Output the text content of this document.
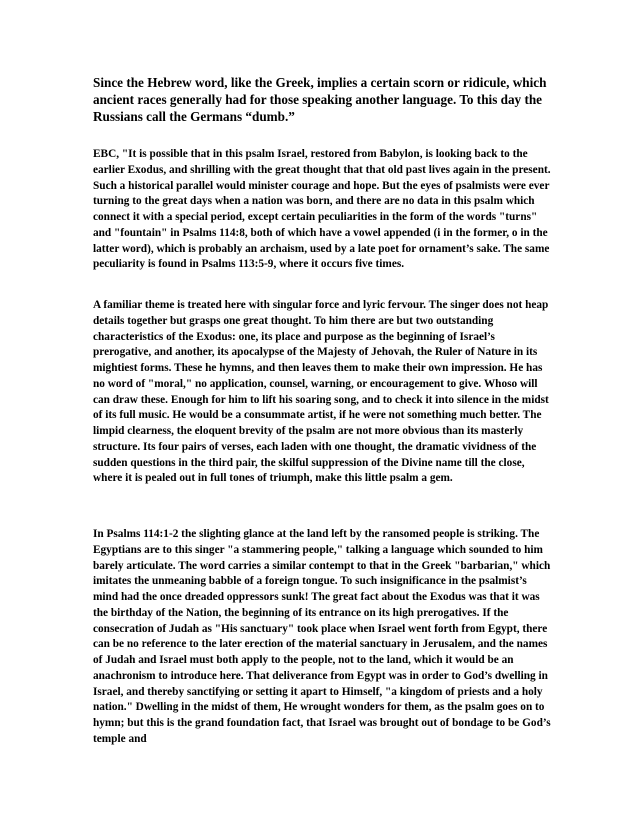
Since the Hebrew word, like the Greek, implies a certain scorn or ridicule, which ancient races generally had for those speaking another language. To this day the Russians call the Germans “dumb.”

EBC, "It is possible that in this psalm Israel, restored from Babylon, is looking back to the earlier Exodus, and shrilling with the great thought that that old past lives again in the present. Such a historical parallel would minister courage and hope. But the eyes of psalmists were ever turning to the great days when a nation was born, and there are no data in this psalm which connect it with a special period, except certain peculiarities in the form of the words "turns" and "fountain" in Psalms 114:8, both of which have a vowel appended (i in the former, o in the latter word), which is probably an archaism, used by a late poet for ornament’s sake. The same peculiarity is found in Psalms 113:5-9, where it occurs five times.

A familiar theme is treated here with singular force and lyric fervour. The singer does not heap details together but grasps one great thought. To him there are but two outstanding characteristics of the Exodus: one, its place and purpose as the beginning of Israel’s prerogative, and another, its apocalypse of the Majesty of Jehovah, the Ruler of Nature in its mightiest forms. These he hymns, and then leaves them to make their own impression. He has no word of "moral," no application, counsel, warning, or encouragement to give. Whoso will can draw these. Enough for him to lift his soaring song, and to check it into silence in the midst of its full music. He would be a consummate artist, if he were not something much better. The limpid clearness, the eloquent brevity of the psalm are not more obvious than its masterly structure. Its four pairs of verses, each laden with one thought, the dramatic vividness of the sudden questions in the third pair, the skilful suppression of the Divine name till the close, where it is pealed out in full tones of triumph, make this little psalm a gem.

In Psalms 114:1-2 the slighting glance at the land left by the ransomed people is striking. The Egyptians are to this singer "a stammering people," talking a language which sounded to him barely articulate. The word carries a similar contempt to that in the Greek "barbarian," which imitates the unmeaning babble of a foreign tongue. To such insignificance in the psalmist’s mind had the once dreaded oppressors sunk! The great fact about the Exodus was that it was the birthday of the Nation, the beginning of its entrance on its high prerogatives. If the consecration of Judah as "His sanctuary" took place when Israel went forth from Egypt, there can be no reference to the later erection of the material sanctuary in Jerusalem, and the names of Judah and Israel must both apply to the people, not to the land, which it would be an anachronism to introduce here. That deliverance from Egypt was in order to God’s dwelling in Israel, and thereby sanctifying or setting it apart to Himself, "a kingdom of priests and a holy nation." Dwelling in the midst of them, He wrought wonders for them, as the psalm goes on to hymn; but this is the grand foundation fact, that Israel was brought out of bondage to be God’s temple and
